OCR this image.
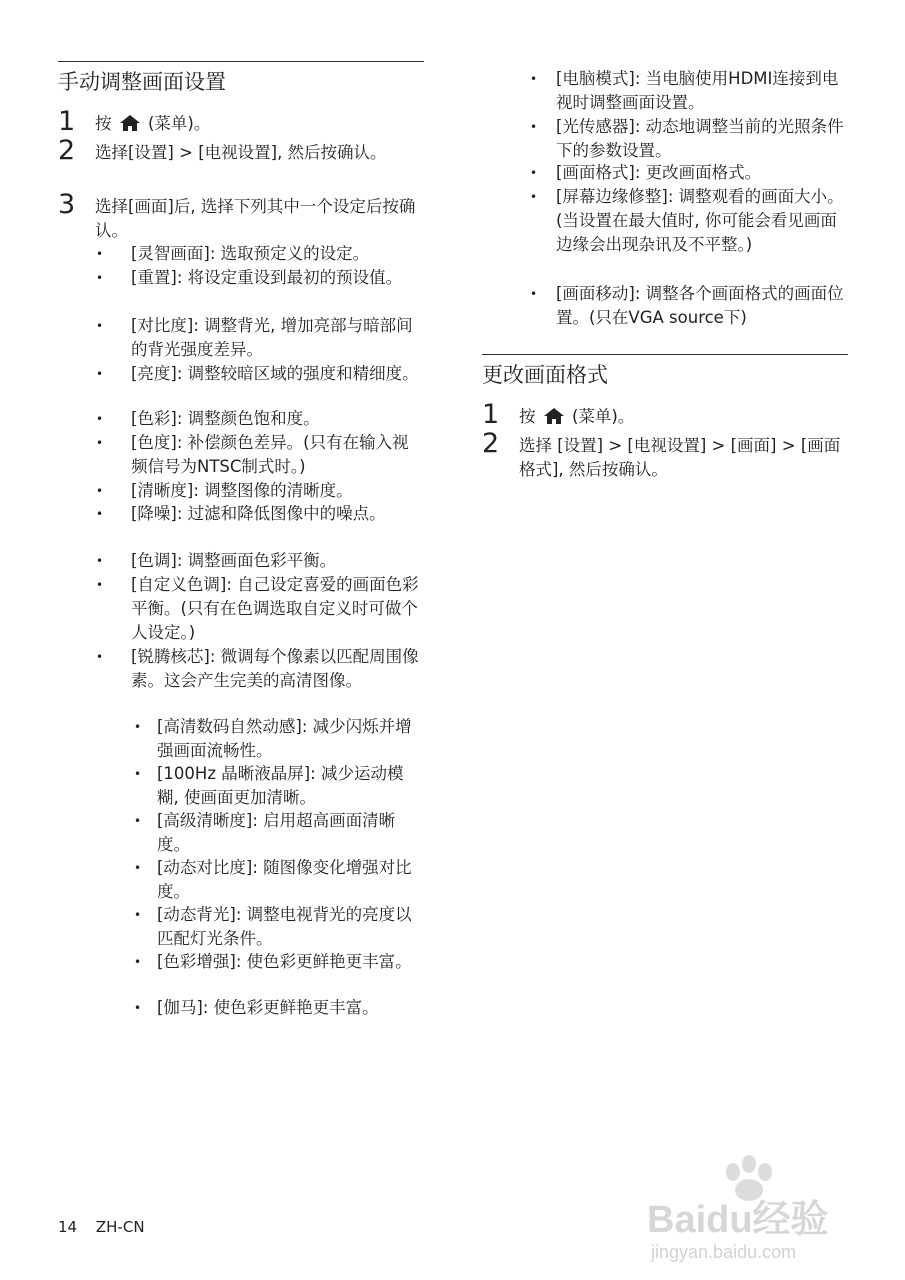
手动调整画面设置
1 按 (菜单)。
2 选择[设置] > [电视设置], 然后按确认。
3 选择[画面]后, 选择下列其中一个设定后按确认。
• [灵智画面]: 选取预定义的设定。
• [重置]: 将设定重设到最初的预设值。
• [对比度]: 调整背光, 增加亮部与暗部间的背光强度差异。
• [亮度]: 调整较暗区域的强度和精细度。
• [色彩]: 调整颜色饱和度。
• [色度]: 补偿颜色差异。(只有在输入视频信号为NTSC制式时。)
• [清晰度]: 调整图像的清晰度。
• [降噪]: 过滤和降低图像中的噪点。
• [色调]: 调整画面色彩平衡。
• [自定义色调]: 自己设定喜爱的画面色彩平衡。(只有在色调选取自定义时可做个人设定。)
• [锐腾核芯]: 微调每个像素以匹配周围像素。这会产生完美的高清图像。
• [高清数码自然动感]: 减少闪烁并增强画面流畅性。
• [100Hz 晶晰液晶屏]: 减少运动模糊, 使画面更加清晰。
• [高级清晰度]: 启用超高画面清晰度。
• [动态对比度]: 随图像变化增强对比度。
• [动态背光]: 调整电视背光的亮度以匹配灯光条件。
• [色彩增强]: 使色彩更鲜艳更丰富。
• [伽马]: 使色彩更鲜艳更丰富。
• [电脑模式]: 当电脑使用HDMI连接到电视时调整画面设置。
• [光传感器]: 动态地调整当前的光照条件下的参数设置。
• [画面格式]: 更改画面格式。
• [屏幕边缘修整]: 调整观看的画面大小。(当设置在最大值时, 你可能会看见画面边缘会出现杂讯及不平整。)
• [画面移动]: 调整各个画面格式的画面位置。(只在VGA source下)
更改画面格式
1 按 (菜单)。
2 选择 [设置] > [电视设置] > [画面] > [画面格式], 然后按确认。
14 ZH-CN	Baidu经验
jingyan.baidu.com
